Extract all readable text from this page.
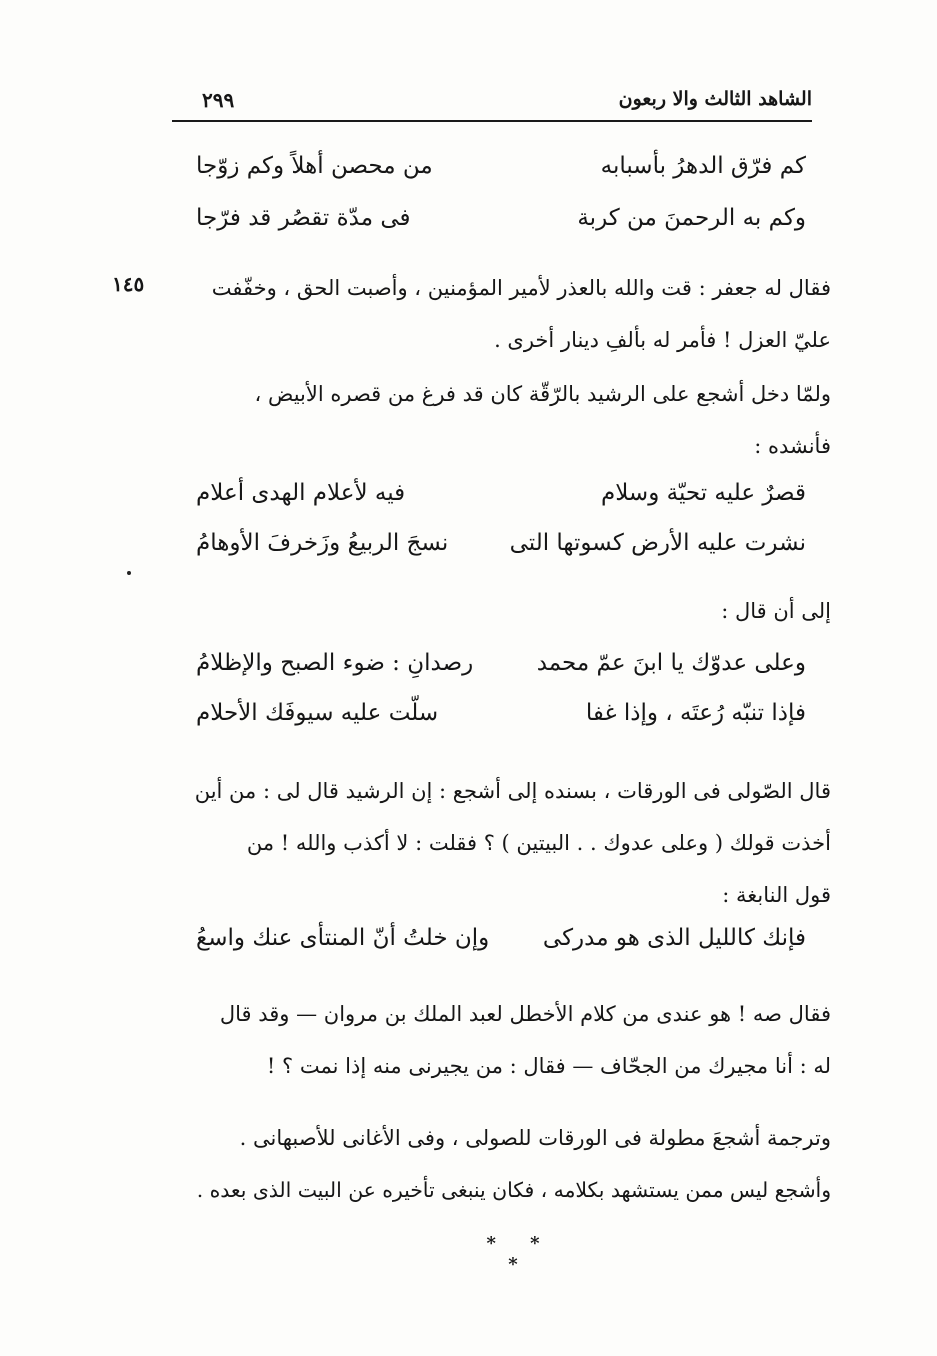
الشاهد الثالث والا ربعون
٢٩٩
كم فرّق الدهرُ بأسبابه
من محصن أهلاً وكم زوّجا
وكم به الرحمنَ من كربة
فى مدّة تقصُر قد فرّجا
١٤٥	فقال له جعفر : قت والله بالعذر لأمير المؤمنين ، وأصبت الحق ، وخفّفت
عليّ العزل ! فأمر له بألفِ دينار أخرى .
ولمّا دخل أشجع على الرشيد بالرّقّة كان قد فرغ من قصره الأبيض ،
فأنشده :
قصرٌ عليه تحيّة وسلام
فيه لأعلام الهدى أعلام
نشرت عليه الأرض كسوتها التى
نسجَ الربيعُ وزَخرفَ الأوهامُ
إلى أن قال :
وعلى عدوّك يا ابنَ عمّ محمد
رصدانِ : ضوء الصبح والإظلامُ
فإذا تنبّه رُعتَه ، وإذا غفا
سلّت عليه سيوفَك الأحلام
قال الصّولى فى الورقات ، بسنده إلى أشجع : إن الرشيد قال لى : من أين
أخذت قولك ( وعلى عدوك . . البيتين ) ؟ فقلت : لا أكذب والله ! من
قول النابغة :
فإنك كالليل الذى هو مدركى
وإن خلتُ أنّ المنتأى عنك واسعُ
فقال صه ! هو عندى من كلام الأخطل لعبد الملك بن مروان — وقد قال
له : أنا مجيرك من الجحّاف — فقال : من يجيرنى منه إذا نمت ؟ !
وترجمة أشجعَ مطولة فى الورقات للصولى ، وفى الأغانى للأصبهانى .
وأشجع ليس ممن يستشهد بكلامه ، فكان ينبغى تأخيره عن البيت الذى بعده .
* * *
